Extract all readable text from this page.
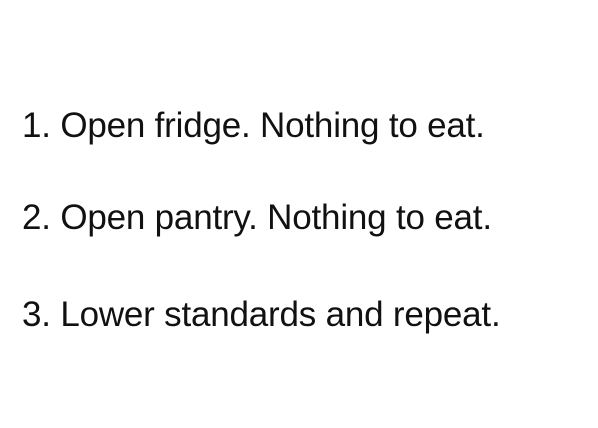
1. Open fridge. Nothing to eat.
2. Open pantry. Nothing to eat.
3. Lower standards and repeat.
